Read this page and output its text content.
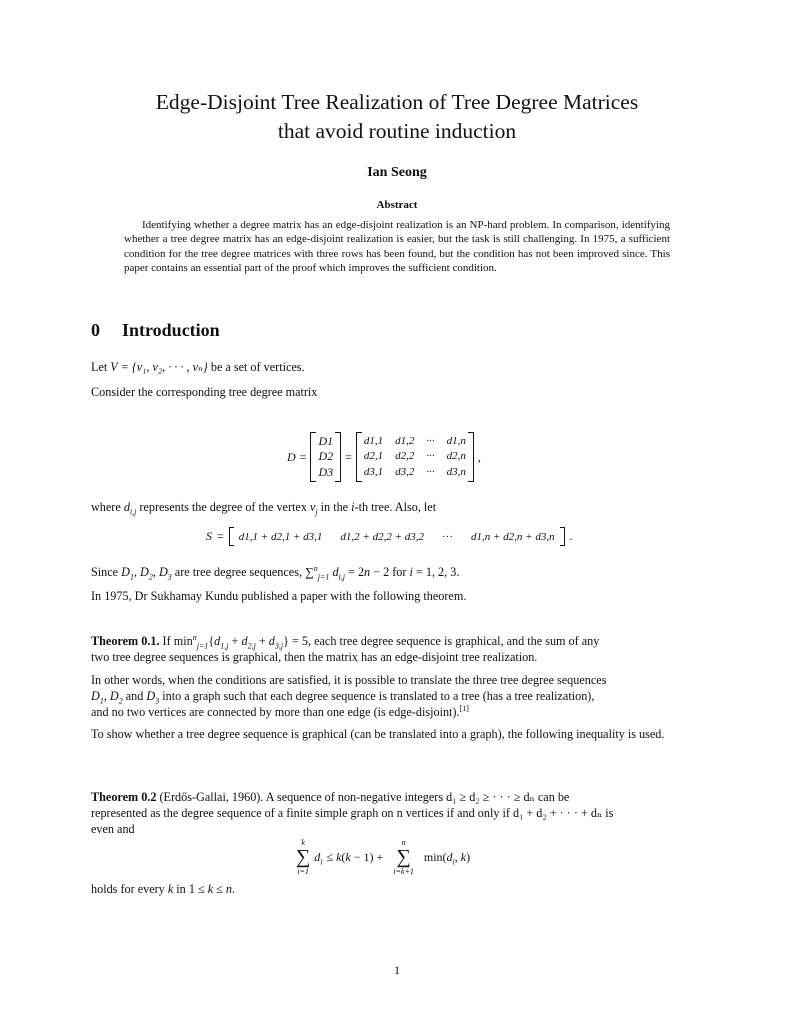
Edge-Disjoint Tree Realization of Tree Degree Matrices
that avoid routine induction
Ian Seong
Abstract
Identifying whether a degree matrix has an edge-disjoint realization is an NP-hard problem. In comparison, identifying whether a tree degree matrix has an edge-disjoint realization is easier, but the task is still challenging. In 1975, a sufficient condition for the tree degree matrices with three rows has been found, but the condition has not been improved since. This paper contains an essential part of the proof which improves the sufficient condition.
0 Introduction
Let V = {v₁, v₂, · · · , vₙ} be a set of vertices.
Consider the corresponding tree degree matrix
D =
D1
D2
D3
=
d1,1 d1,2 ··· d1,n
d2,1 d2,2 ··· d2,n
d3,1 d3,2 ··· d3,n
,
where $d_{i,j}$ represents the degree of the vertex $v_j$ in the i-th tree. Also, let
S = d1,1 + d2,1 + d3,1 d1,2 + d2,2 + d3,2 ··· d1,n + d2,n + d3,n .
Since $D_1$, $D_2$, $D_3$ are tree degree sequences, ∑$^n_{j=1}$ $d_{i,j} = 2n - 2$ for i = 1, 2, 3.
In 1975, Dr Sukhamay Kundu published a paper with the following theorem.
Theorem 0.1. If $\min^n_{j=1}\{d_{1,j} + d_{2,j} + d_{3,j}\} = 5$, each tree degree sequence is graphical, and the sum of any
two tree degree sequences is graphical, then the matrix has an edge-disjoint tree realization.
In other words, when the conditions are satisfied, it is possible to translate the three tree degree sequences
$D_1$, $D_2$ and $D_3$ into a graph such that each degree sequence is translated to a tree (has a tree realization),
and no two vertices are connected by more than one edge (is edge-disjoint).[1]
To show whether a tree degree sequence is graphical (can be translated into a graph), the following inequality is used.
Theorem 0.2 (Erdős-Gallai, 1960). A sequence of non-negative integers d₁ ≥ d₂ ≥ · · · ≥ dₙ can be
represented as the degree sequence of a finite simple graph on n vertices if and only if d₁ + d₂ + · · · + dₙ is
even and
k
∑
i=1
$d_i \le k(k - 1)$ +
n
∑
i=k+1
$\min(d_i$, k)
holds for every k in 1 ≤ k ≤ n.
1
